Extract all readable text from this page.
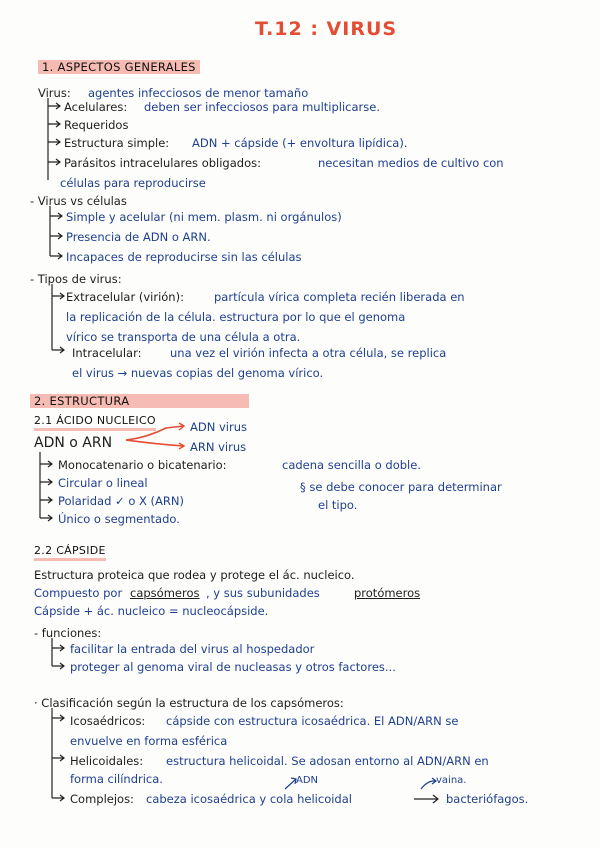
T.12 : VIRUS
1. ASPECTOS GENERALES
Virus: agentes infecciosos de menor tamaño
Acelulares: deben ser infecciosos para multiplicarse.
Requeridos
Estructura simple: ADN + cápside (+ envoltura lipídica).
Parásitos intracelulares obligados:	necesitan medios de cultivo con
células para reproducirse
- Virus vs células
Simple y acelular (ni mem. plasm. ni orgánulos)
Presencia de ADN o ARN.
Incapaces de reproducirse sin las células
- Tipos de virus:
Extracelular (virión):	partícula vírica completa recién liberada en
la replicación de la célula. estructura por lo que el genoma
vírico se transporta de una célula a otra.
Intracelular: una vez el virión infecta a otra célula, se replica
el virus → nuevas copias del genoma vírico.
2. ESTRUCTURA
2.1 ÁCIDO NUCLEICO
ADN o ARN
ADN virus
ARN virus
Monocatenario o bicatenario:	cadena sencilla o doble.
Circular o lineal
Polaridad ✓ o X (ARN)
Único o segmentado.
§ se debe conocer para determinar
el tipo.
2.2 CÁPSIDE
Estructura proteica que rodea y protege el ác. nucleico.
Compuesto por capsómeros , y sus subunidades	protómeros
Cápside + ác. nucleico = nucleocápside.
- funciones:
facilitar la entrada del virus al hospedador
proteger al genoma viral de nucleasas y otros factores...
· Clasificación según la estructura de los capsómeros:
Icosaédricos: cápside con estructura icosaédrica. El ADN/ARN se
envuelve en forma esférica
Helicoidales: estructura helicoidal. Se adosan entorno al ADN/ARN en
forma cilíndrica.	ADN	vaina.
Complejos: cabeza icosaédrica y cola helicoidal	bacteriófagos.
